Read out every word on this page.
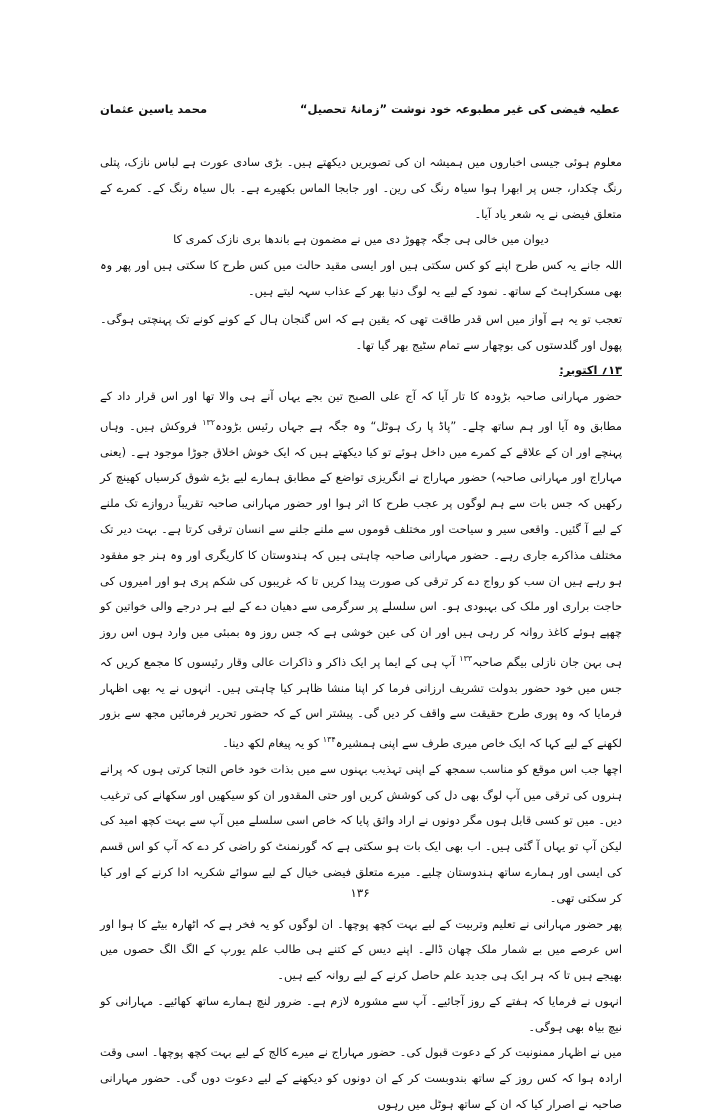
عطیہ فیضی کی غیر مطبوعہ خود نوشت ”زمانۂ تحصیل“
محمد یاسین عثمان

معلوم ہوئی جیسی اخباروں میں ہمیشہ ان کی تصویریں دیکھتے ہیں۔ بڑی سادی عورت ہے لباس نازک، پتلی رنگ چکدار، جس پر ابھرا ہوا سیاہ رنگ کی رین۔ اور جابجا الماس بکھیرے ہے۔ بال سیاہ رنگ کے۔ کمرے کے متعلق فیضی نے یہ شعر یاد آیا۔

دیوان میں خالی ہی جگہ چھوڑ دی میں نے مضمون ہے باندھا بری نازک کمری کا

اللہ جانے یہ کس طرح اپنے کو کس سکتی ہیں اور ایسی مقید حالت میں کس طرح کا سکتی ہیں اور پھر وہ بھی مسکراہٹ کے ساتھ۔ نمود کے لیے یہ لوگ دنیا بھر کے عذاب سہہ لیتے ہیں۔

تعجب تو یہ ہے آواز میں اس قدر طاقت تھی کہ یقین ہے کہ اس گنجان ہال کے کونے کونے تک پہنچتی ہوگی۔ پھول اور گلدستوں کی بوچھار سے تمام سٹیج بھر گیا تھا۔

۱۳؍ اکتوبر:

حضور مہارانی صاحبہ بڑودہ کا تار آیا کہ آج علی الصبح تین بجے یہاں آنے ہی والا تھا اور اس قرار داد کے مطابق وہ آیا اور ہم ساتھ چلے۔ ”پاڈ پا رک ہوٹل“ وہ جگہ ہے جہاں رئیس بڑودہ$^{۱۳۲}$ فروکش ہیں۔ وہاں پہنچے اور ان کے علاقے کے کمرے میں داخل ہوئے تو کیا دیکھتے ہیں کہ ایک خوش اخلاق جوڑا موجود ہے۔ (یعنی مہاراج اور مہارانی صاحبہ) حضور مہاراج نے انگریزی تواضع کے مطابق ہمارے لیے بڑے شوق کرسیاں کھینچ کر رکھیں کہ جس بات سے ہم لوگوں پر عجب طرح کا اثر ہوا اور حضور مہارانی صاحبہ تقریباً دروازے تک ملنے کے لیے آ گئیں۔ واقعی سیر و سیاحت اور مختلف قوموں سے ملنے جلنے سے انسان ترقی کرتا ہے۔ بہت دیر تک مختلف مذاکرے جاری رہے۔ حضور مہارانی صاحبہ چاہتی ہیں کہ ہندوستان کا کاریگری اور وہ ہنر جو مفقود ہو رہے ہیں ان سب کو رواج دے کر ترقی کی صورت پیدا کریں تا کہ غریبوں کی شکم پری ہو اور امیروں کی حاجت براری اور ملک کی بہبودی ہو۔ اس سلسلے پر سرگرمی سے دھیان دے کے لیے ہر درجے والی خواتین کو چھپے ہوئے کاغذ روانہ کر رہی ہیں اور ان کی عین خوشی ہے کہ جس روز وہ بمبئی میں وارد ہوں اس روز ہی بہن جان نازلی بیگم صاحبہ$^{۱۳۳}$ آپ ہی کے ایما پر ایک ذاکر و ذاکرات عالی وقار رئیسوں کا مجمع کریں کہ جس میں خود حضور بدولت تشریف ارزانی فرما کر اپنا منشا ظاہر کیا چاہتی ہیں۔ انہوں نے یہ بھی اظہار فرمایا کہ وہ پوری طرح حقیقت سے واقف کر دیں گی۔ پیشتر اس کے کہ حضور تحریر فرمائیں مجھ سے بزور لکھنے کے لیے کہا کہ ایک خاص میری طرف سے اپنی ہمشیرہ$^{۱۳۴}$ کو یہ پیغام لکھ دینا۔

اچھا جب اس موقع کو مناسب سمجھ کے اپنی تہذیب بہنوں سے میں بذات خود خاص التجا کرتی ہوں کہ پرانے ہنروں کی ترقی میں آپ لوگ بھی دل کی کوشش کریں اور حتی المقدور ان کو سیکھیں اور سکھانے کی ترغیب دیں۔ میں تو کسی قابل ہوں مگر دونوں نے اراد واثق پایا کہ خاص اسی سلسلے میں آپ سے بہت کچھ امید کی لیکن آپ تو یہاں آ گئی ہیں۔ اب بھی ایک بات ہو سکتی ہے کہ گورنمنٹ کو راضی کر دے کہ آپ کو اس قسم کی ایسی اور ہمارے ساتھ ہندوستان چلیے۔ میرے متعلق فیضی خیال کے لیے سوائے شکریہ ادا کرنے کے اور کیا کر سکتی تھی۔

پھر حضور مہارانی نے تعلیم وتربیت کے لیے بہت کچھ پوچھا۔ ان لوگوں کو یہ فخر ہے کہ اٹھارہ بیٹے کا ہوا اور اس عرصے میں بے شمار ملک چھان ڈالے۔ اپنے دیس کے کتنے ہی طالب علم یورپ کے الگ الگ حصوں میں بھیجے ہیں تا کہ ہر ایک ہی جدید علم حاصل کرنے کے لیے روانہ کیے ہیں۔

انہوں نے فرمایا کہ ہفتے کے روز آجائیے۔ آپ سے مشورہ لازم ہے۔ ضرور لنچ ہمارے ساتھ کھائیے۔ مہارانی کو نیچ بیاہ بھی ہوگی۔

میں نے اظہار ممنونیت کر کے دعوت قبول کی۔ حضور مہاراج نے میرے کالج کے لیے بہت کچھ پوچھا۔ اسی وقت ارادہ ہوا کہ کس روز کے ساتھ بندوبست کر کے ان دونوں کو دیکھنے کے لیے دعوت دوں گی۔ حضور مہارانی صاحبہ نے اصرار کیا کہ ان کے ساتھ ہوٹل میں رہوں

۱۳۶
